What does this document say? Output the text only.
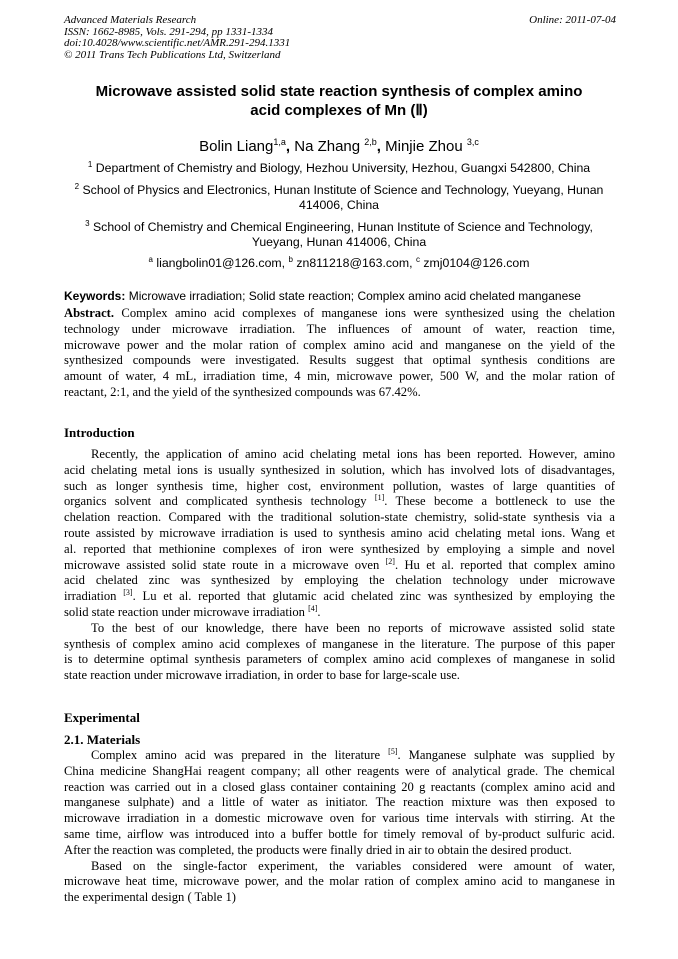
Advanced Materials Research
ISSN: 1662-8985, Vols. 291-294, pp 1331-1334
doi:10.4028/www.scientific.net/AMR.291-294.1331
© 2011 Trans Tech Publications Ltd, Switzerland
Online: 2011-07-04
Microwave assisted solid state reaction synthesis of complex amino
acid complexes of Mn (Ⅱ)
Bolin Liang$^{1,a}$, Na Zhang $^{2,b}$, Minjie Zhou $^{3,c}$
$^1$ Department of Chemistry and Biology, Hezhou University, Hezhou, Guangxi 542800, China
$^2$ School of Physics and Electronics, Hunan Institute of Science and Technology, Yueyang, Hunan
414006, China
$^3$ School of Chemistry and Chemical Engineering, Hunan Institute of Science and Technology,
Yueyang, Hunan 414006, China
$^a$ liangbolin01@126.com, $^b$ zn811218@163.com, $^c$ zmj0104@126.com
Keywords: Microwave irradiation; Solid state reaction; Complex amino acid chelated manganese
Abstract. Complex amino acid complexes of manganese ions were synthesized using the chelation
technology under microwave irradiation. The influences of amount of water, reaction time,
microwave power and the molar ration of complex amino acid and manganese on the yield of the
synthesized compounds were investigated. Results suggest that optimal synthesis conditions are
amount of water, 4 mL, irradiation time, 4 min, microwave power, 500 W, and the molar ration of
reactant, 2:1, and the yield of the synthesized compounds was 67.42%.
Introduction
Recently, the application of amino acid chelating metal ions has been reported. However, amino
acid chelating metal ions is usually synthesized in solution, which has involved lots of disadvantages,
such as longer synthesis time, higher cost, environment pollution, wastes of large quantities of
organics solvent and complicated synthesis technology [1]. These become a bottleneck to use the
chelation reaction. Compared with the traditional solution-state chemistry, solid-state synthesis via a
route assisted by microwave irradiation is used to synthesis amino acid chelating metal ions. Wang et
al. reported that methionine complexes of iron were synthesized by employing a simple and novel
microwave assisted solid state route in a microwave oven [2]. Hu et al. reported that complex amino
acid chelated zinc was synthesized by employing the chelation technology under microwave
irradiation [3]. Lu et al. reported that glutamic acid chelated zinc was synthesized by employing the
solid state reaction under microwave irradiation [4].
To the best of our knowledge, there have been no reports of microwave assisted solid state
synthesis of complex amino acid complexes of manganese in the literature. The purpose of this paper
is to determine optimal synthesis parameters of complex amino acid complexes of manganese in solid
state reaction under microwave irradiation, in order to base for large-scale use.
Experimental
2.1. Materials
Complex amino acid was prepared in the literature [5]. Manganese sulphate was supplied by
China medicine ShangHai reagent company; all other reagents were of analytical grade. The chemical
reaction was carried out in a closed glass container containing 20 g reactants (complex amino acid and
manganese sulphate) and a little of water as initiator. The reaction mixture was then exposed to
microwave irradiation in a domestic microwave oven for various time intervals with stirring. At the
same time, airflow was introduced into a buffer bottle for timely removal of by-product sulfuric acid.
After the reaction was completed, the products were finally dried in air to obtain the desired product.
Based on the single-factor experiment, the variables considered were amount of water,
microwave heat time, microwave power, and the molar ration of complex amino acid to manganese in
the experimental design ( Table 1)
